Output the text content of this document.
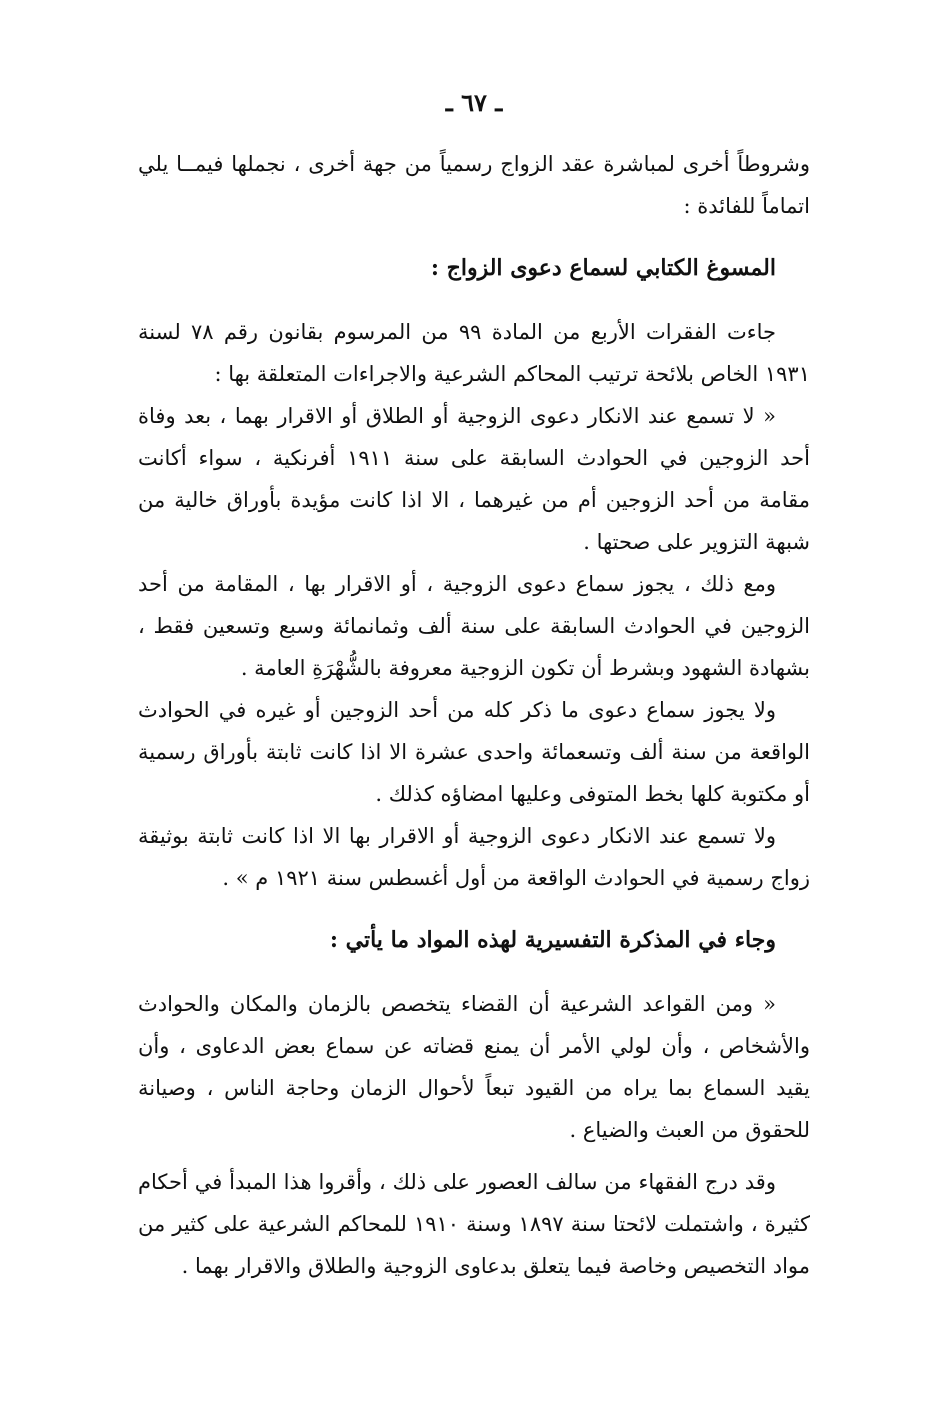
ـ ٦٧ ـ

وشروطاً أخرى لمباشرة عقد الزواج رسمياً من جهة أخرى ، نجملها فيمــا يلي اتماماً للفائدة :

المسوغ الكتابي لسماع دعوى الزواج :

جاءت الفقرات الأربع من المادة ٩٩ من المرسوم بقانون رقم ٧٨ لسنة ١٩٣١ الخاص بلائحة ترتيب المحاكم الشرعية والاجراءات المتعلقة بها :

« لا تسمع عند الانكار دعوى الزوجية أو الطلاق أو الاقرار بهما ، بعد وفاة أحد الزوجين في الحوادث السابقة على سنة ١٩١١ أفرنكية ، سواء أكانت مقامة من أحد الزوجين أم من غيرهما ، الا اذا كانت مؤيدة بأوراق خالية من شبهة التزوير على صحتها .

ومع ذلك ، يجوز سماع دعوى الزوجية ، أو الاقرار بها ، المقامة من أحد الزوجين في الحوادث السابقة على سنة ألف وثمانمائة وسبع وتسعين فقط ، بشهادة الشهود وبشرط أن تكون الزوجية معروفة بالشُّهْرَةِ العامة .

ولا يجوز سماع دعوى ما ذكر كله من أحد الزوجين أو غيره في الحوادث الواقعة من سنة ألف وتسعمائة واحدى عشرة الا اذا كانت ثابتة بأوراق رسمية أو مكتوبة كلها بخط المتوفى وعليها امضاؤه كذلك .

ولا تسمع عند الانكار دعوى الزوجية أو الاقرار بها الا اذا كانت ثابتة بوثيقة زواج رسمية في الحوادث الواقعة من أول أغسطس سنة ١٩٢١ م » .

وجاء في المذكرة التفسيرية لهذه المواد ما يأتي :

« ومن القواعد الشرعية أن القضاء يتخصص بالزمان والمكان والحوادث والأشخاص ، وأن لولي الأمر أن يمنع قضاته عن سماع بعض الدعاوى ، وأن يقيد السماع بما يراه من القيود تبعاً لأحوال الزمان وحاجة الناس ، وصيانة للحقوق من العبث والضياع .

وقد درج الفقهاء من سالف العصور على ذلك ، وأقروا هذا المبدأ في أحكام كثيرة ، واشتملت لائحتا سنة ١٨٩٧ وسنة ١٩١٠ للمحاكم الشرعية على كثير من مواد التخصيص وخاصة فيما يتعلق بدعاوى الزوجية والطلاق والاقرار بهما .
